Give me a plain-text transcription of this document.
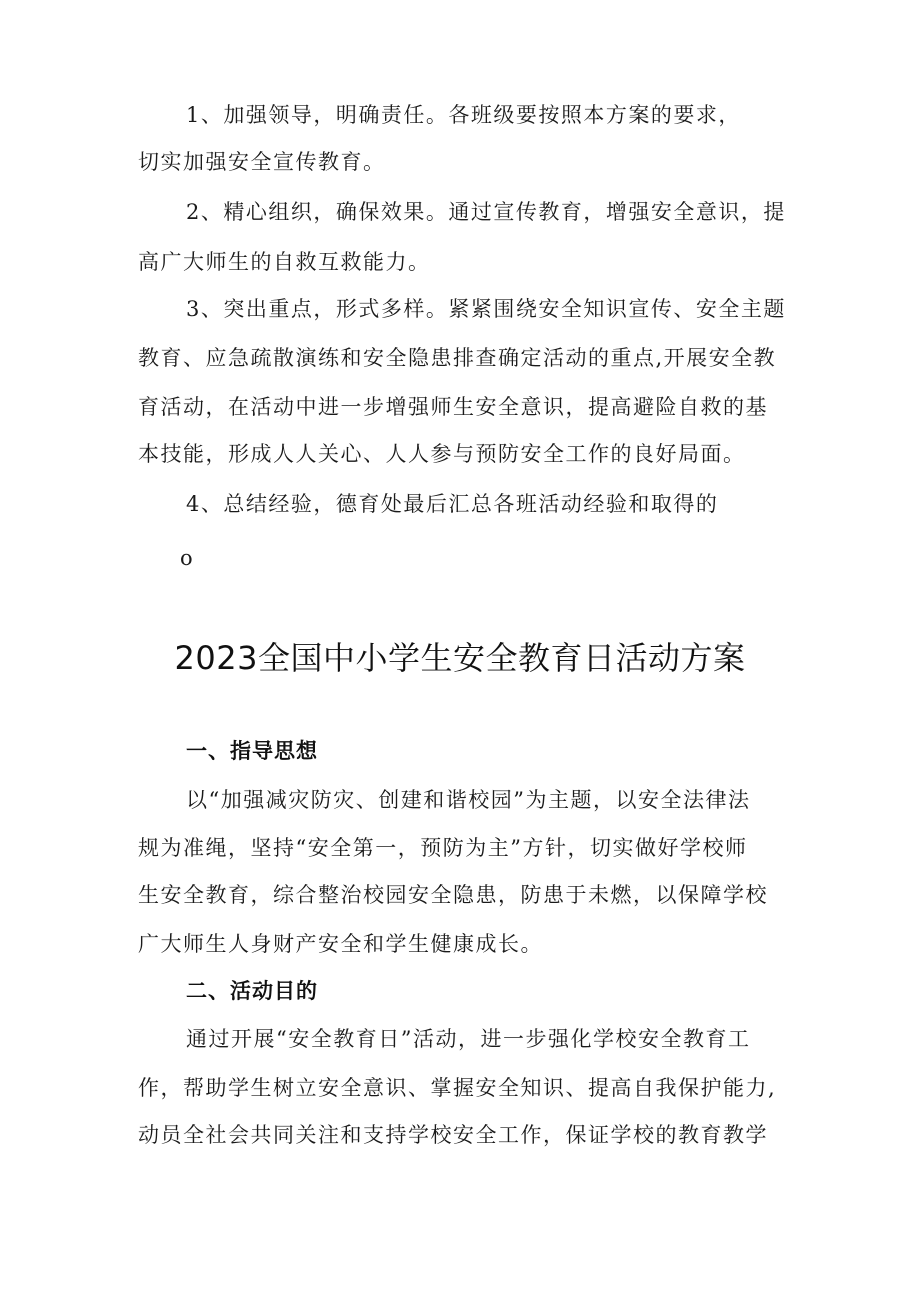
1、加强领导，明确责任。各班级要按照本方案的要求，
切实加强安全宣传教育。
2、精心组织，确保效果。通过宣传教育，增强安全意识，提
高广大师生的自救互救能力。
3、突出重点，形式多样。紧紧围绕安全知识宣传、安全主题
教育、应急疏散演练和安全隐患排查确定活动的重点,开展安全教
育活动，在活动中进一步增强师生安全意识，提高避险自救的基
本技能，形成人人关心、人人参与预防安全工作的良好局面。
4、总结经验，德育处最后汇总各班活动经验和取得的
o
2023全国中小学生安全教育日活动方案
一、指导思想
以“加强减灾防灾、创建和谐校园”为主题，以安全法律法
规为准绳，坚持“安全第一，预防为主”方针，切实做好学校师
生安全教育，综合整治校园安全隐患，防患于未燃，以保障学校
广大师生人身财产安全和学生健康成长。
二、活动目的
通过开展“安全教育日”活动，进一步强化学校安全教育工
作，帮助学生树立安全意识、掌握安全知识、提高自我保护能力,
动员全社会共同关注和支持学校安全工作，保证学校的教育教学
